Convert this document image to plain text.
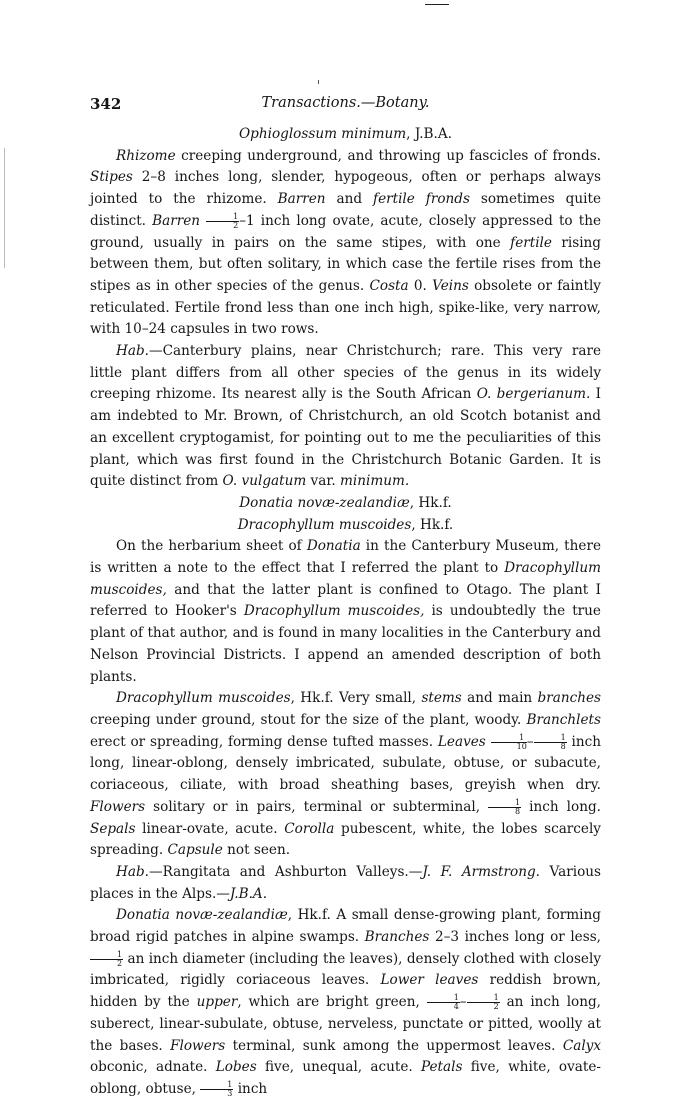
342	Transactions.—Botany.

Ophioglossum minimum, J.B.A.

Rhizome creeping underground, and throwing up fascicles of fronds. Stipes 2–8 inches long, slender, hypogeous, often or perhaps always jointed to the rhizome. Barren and fertile fronds sometimes quite distinct. Barren $\frac{1}{2} -1$ inch long ovate, acute, closely appressed to the ground, usually in pairs on the same stipes, with one fertile rising between them, but often solitary, in which case the fertile rises from the stipes as in other species of the genus. Costa 0. Veins obsolete or faintly reticulated. Fertile frond less than one inch high, spike-like, very narrow, with 10–24 capsules in two rows.

Hab.—Canterbury plains, near Christchurch; rare. This very rare little plant differs from all other species of the genus in its widely creeping rhizome. Its nearest ally is the South African O. bergerianum. I am indebted to Mr. Brown, of Christchurch, an old Scotch botanist and an excellent cryptogamist, for pointing out to me the peculiarities of this plant, which was first found in the Christchurch Botanic Garden. It is quite distinct from O. vulgatum var. minimum.

Donatia novæ-zealandiæ, Hk.f.

Dracophyllum muscoides, Hk.f.

On the herbarium sheet of Donatia in the Canterbury Museum, there is written a note to the effect that I referred the plant to Dracophyllum muscoides, and that the latter plant is confined to Otago. The plant I referred to Hooker's Dracophyllum muscoides, is undoubtedly the true plant of that author, and is found in many localities in the Canterbury and Nelson Provincial Districts. I append an amended description of both plants.

Dracophyllum muscoides, Hk.f. Very small, stems and main branches creeping under ground, stout for the size of the plant, woody. Branchlets erect or spreading, forming dense tufted masses. Leaves $\frac{1}{10} - \frac{1}{8}$ inch long, linear-oblong, densely imbricated, subulate, obtuse, or subacute, coriaceous, ciliate, with broad sheathing bases, greyish when dry. Flowers solitary or in pairs, terminal or subterminal, $\frac{1}{8}$ inch long. Sepals linear-ovate, acute. Corolla pubescent, white, the lobes scarcely spreading. Capsule not seen.

Hab.—Rangitata and Ashburton Valleys.—J. F. Armstrong. Various places in the Alps.—J.B.A.

Donatia novæ-zealandiæ, Hk.f. A small dense-growing plant, forming broad rigid patches in alpine swamps. Branches 2–3 inches long or less,
$\frac{1}{2}$ an inch diameter (including the leaves), densely clothed with closely imbricated, rigidly coriaceous leaves. Lower leaves reddish brown, hidden by the upper, which are bright green, $\frac{1}{4} - \frac{1}{2}$ an inch long, suberect, linear-subulate, obtuse, nerveless, punctate or pitted, woolly at the bases. Flowers terminal, sunk among the uppermost leaves. Calyx obconic, adnate. Lobes five, unequal, acute. Petals five, white, ovate-oblong, obtuse, $\frac{1}{3}$ inch
